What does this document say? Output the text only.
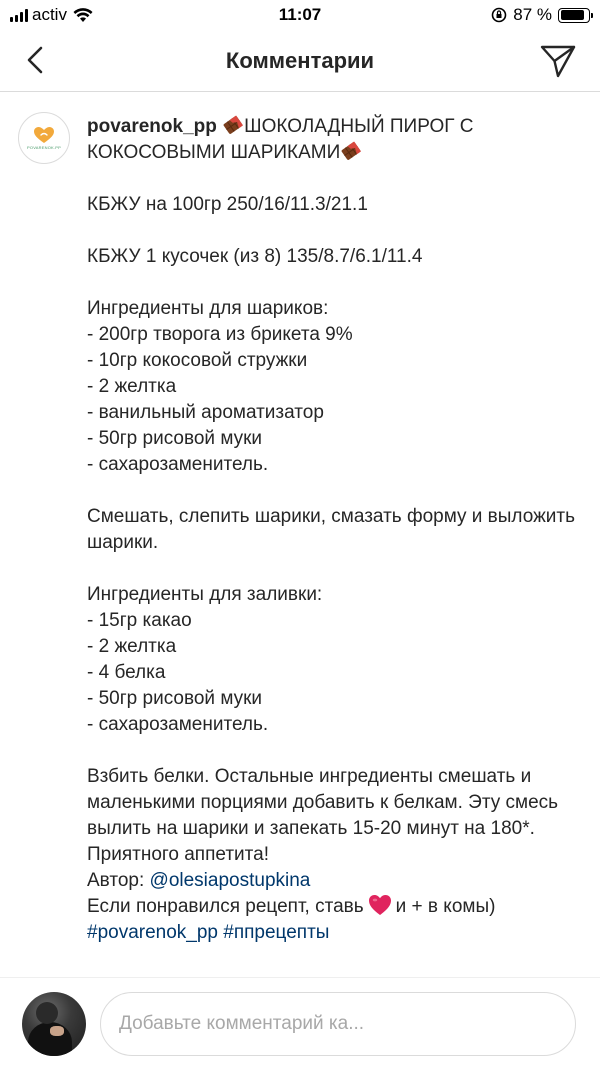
activ	11:07	87 %
Комментарии
POVARENOK.PP

povarenok_pp ШОКОЛАДНЫЙ ПИРОГ С КОКОСОВЫМИ ШАРИКАМИ

КБЖУ на 100гр 250/16/11.3/21.1

КБЖУ 1 кусочек (из 8) 135/8.7/6.1/11.4

Ингредиенты для шариков:

- 200гр творога из брикета 9%

- 10гр кокосовой стружки

- 2 желтка

- ванильный ароматизатор

- 50гр рисовой муки

- сахарозаменитель.

Смешать, слепить шарики, смазать форму и выложить шарики.

Ингредиенты для заливки:

- 15гр какао

- 2 желтка

- 4 белка

- 50гр рисовой муки

- сахарозаменитель.

Взбить белки. Остальные ингредиенты смешать и маленькими порциями добавить к белкам. Эту смесь вылить на шарики и запекать 15-20 минут на 180*. Приятного аппетита!

Автор: @olesiapostupkina

Если понравился рецепт, ставь и + в комы)

#povarenok_pp #ппрецепты

Добавьте комментарий ка...
